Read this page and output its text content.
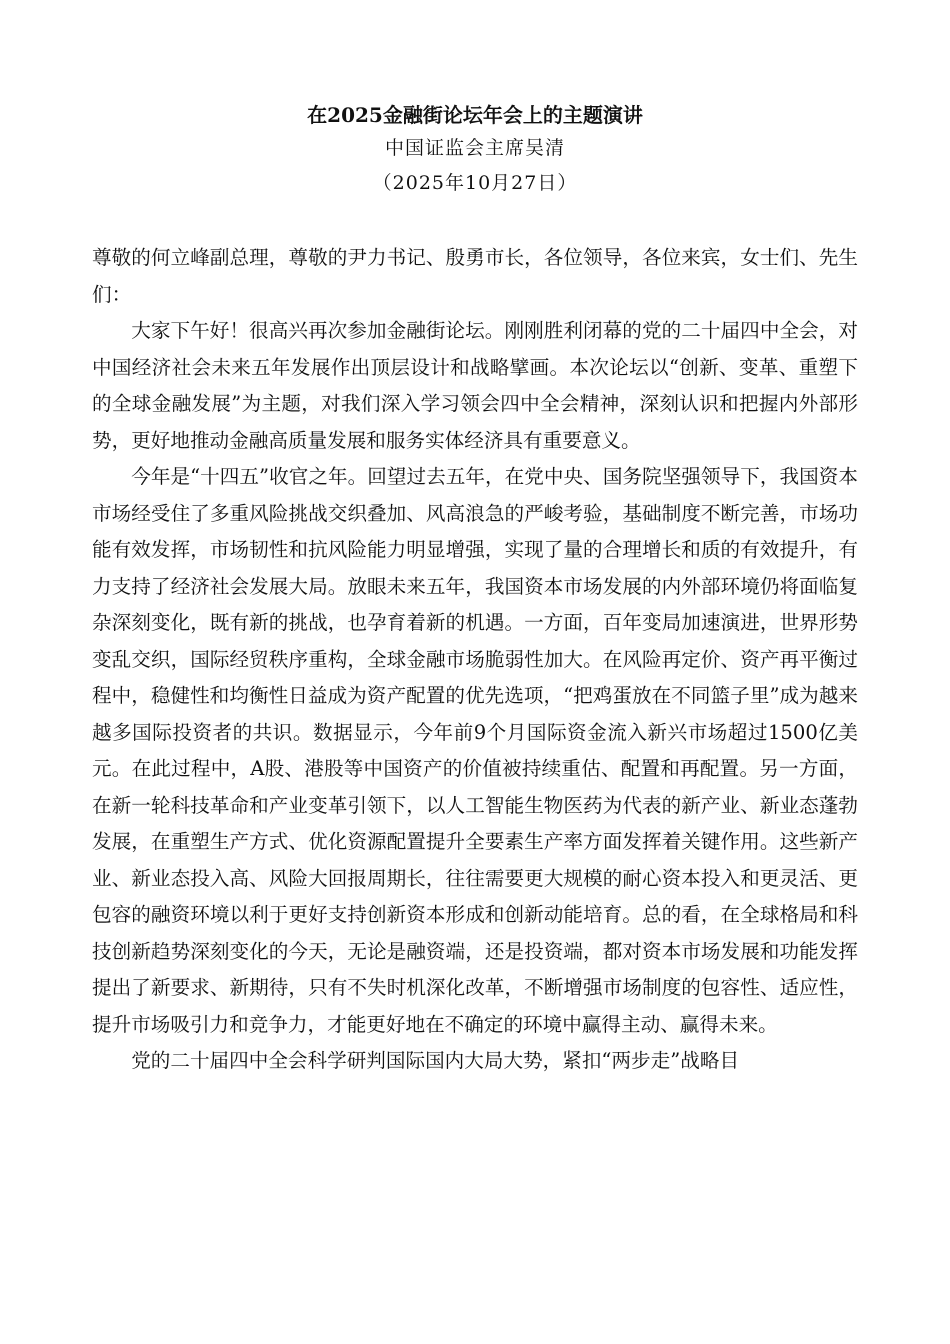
在2025金融街论坛年会上的主题演讲

中国证监会主席吴清

（2025年10月27日）

尊敬的何立峰副总理，尊敬的尹力书记、殷勇市长，各位领导，各位来宾，女士们、先生们：

大家下午好！很高兴再次参加金融街论坛。刚刚胜利闭幕的党的二十届四中全会，对中国经济社会未来五年发展作出顶层设计和战略擘画。本次论坛以“创新、变革、重塑下的全球金融发展”为主题，对我们深入学习领会四中全会精神，深刻认识和把握内外部形势，更好地推动金融高质量发展和服务实体经济具有重要意义。

今年是“十四五”收官之年。回望过去五年，在党中央、国务院坚强领导下，我国资本市场经受住了多重风险挑战交织叠加、风高浪急的严峻考验，基础制度不断完善，市场功能有效发挥，市场韧性和抗风险能力明显增强，实现了量的合理增长和质的有效提升，有力支持了经济社会发展大局。放眼未来五年，我国资本市场发展的内外部环境仍将面临复杂深刻变化，既有新的挑战，也孕育着新的机遇。一方面，百年变局加速演进，世界形势变乱交织，国际经贸秩序重构，全球金融市场脆弱性加大。在风险再定价、资产再平衡过程中，稳健性和均衡性日益成为资产配置的优先选项，“把鸡蛋放在不同篮子里”成为越来越多国际投资者的共识。数据显示，今年前9个月国际资金流入新兴市场超过1500亿美元。在此过程中，A股、港股等中国资产的价值被持续重估、配置和再配置。另一方面，在新一轮科技革命和产业变革引领下，以人工智能生物医药为代表的新产业、新业态蓬勃发展，在重塑生产方式、优化资源配置提升全要素生产率方面发挥着关键作用。这些新产业、新业态投入高、风险大回报周期长，往往需要更大规模的耐心资本投入和更灵活、更包容的融资环境以利于更好支持创新资本形成和创新动能培育。总的看，在全球格局和科技创新趋势深刻变化的今天，无论是融资端，还是投资端，都对资本市场发展和功能发挥提出了新要求、新期待，只有不失时机深化改革，不断增强市场制度的包容性、适应性，提升市场吸引力和竞争力，才能更好地在不确定的环境中赢得主动、赢得未来。

党的二十届四中全会科学研判国际国内大局大势，紧扣“两步走”战略目
